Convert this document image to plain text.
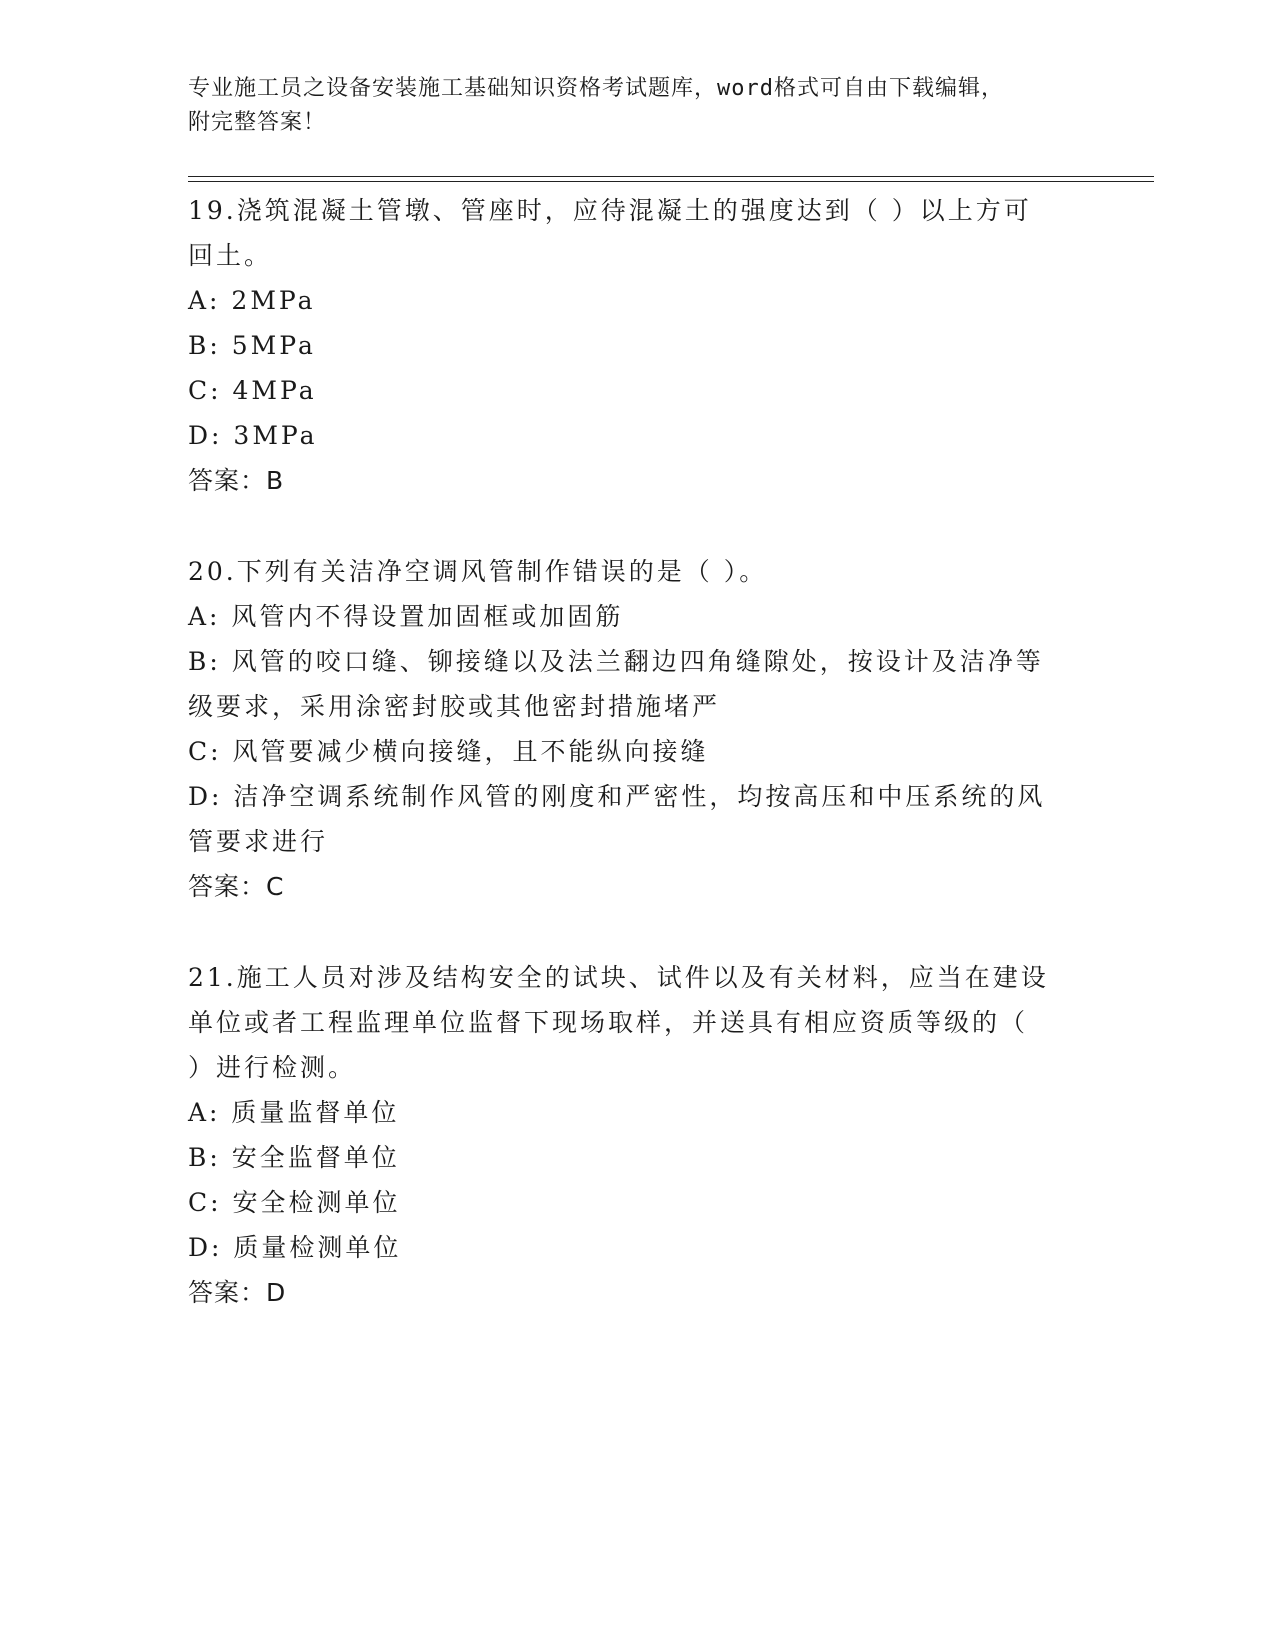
专业施工员之设备安装施工基础知识资格考试题库，word格式可自由下载编辑，
附完整答案！
19.浇筑混凝土管墩、管座时，应待混凝土的强度达到（ ）以上方可
回土。
A: 2MPa
B: 5MPa
C: 4MPa
D: 3MPa
答案：B
20.下列有关洁净空调风管制作错误的是（ ）。
A: 风管内不得设置加固框或加固筋
B: 风管的咬口缝、铆接缝以及法兰翻边四角缝隙处，按设计及洁净等
级要求，采用涂密封胶或其他密封措施堵严
C: 风管要减少横向接缝，且不能纵向接缝
D: 洁净空调系统制作风管的刚度和严密性，均按高压和中压系统的风
管要求进行
答案：C
21.施工人员对涉及结构安全的试块、试件以及有关材料，应当在建设
单位或者工程监理单位监督下现场取样，并送具有相应资质等级的（
）进行检测。
A: 质量监督单位
B: 安全监督单位
C: 安全检测单位
D: 质量检测单位
答案：D
